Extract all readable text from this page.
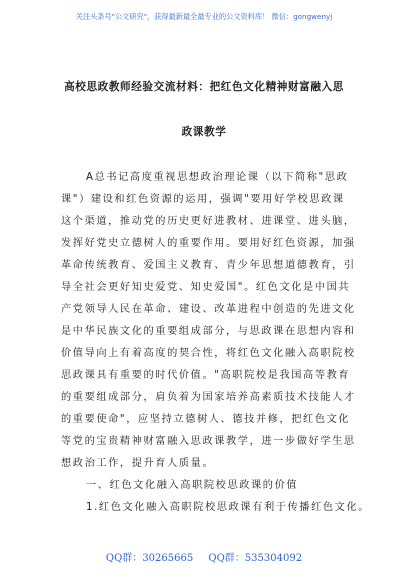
关注头条号"公文研究"，获得最新最全最专业的公文资料库！ 微信：gongwenyj
高校思政教师经验交流材料：把红色文化精神财富融入思
政课教学
A总书记高度重视思想政治理论课（以下简称"思政
课"）建设和红色资源的运用，强调"要用好学校思政课
这个渠道，推动党的历史更好进教材、进课堂、进头脑，
发挥好党史立德树人的重要作用。要用好红色资源，加强
革命传统教育、爱国主义教育、青少年思想道德教育，引
导全社会更好知史爱党、知史爱国"。红色文化是中国共
产党领导人民在革命、建设、改革进程中创造的先进文化
是中华民族文化的重要组成部分，与思政课在思想内容和
价值导向上有着高度的契合性，将红色文化融入高职院校
思政课具有重要的时代价值。"高职院校是我国高等教育
的重要组成部分，肩负着为国家培养高素质技术技能人才
的重要使命"，应坚持立德树人、德技并修，把红色文化
等党的宝贵精神财富融入思政课教学，进一步做好学生思
想政治工作，提升育人质量。
一、红色文化融入高职院校思政课的价值
1.红色文化融入高职院校思政课有利于传播红色文化。
QQ群：30265665 QQ群：535304092
